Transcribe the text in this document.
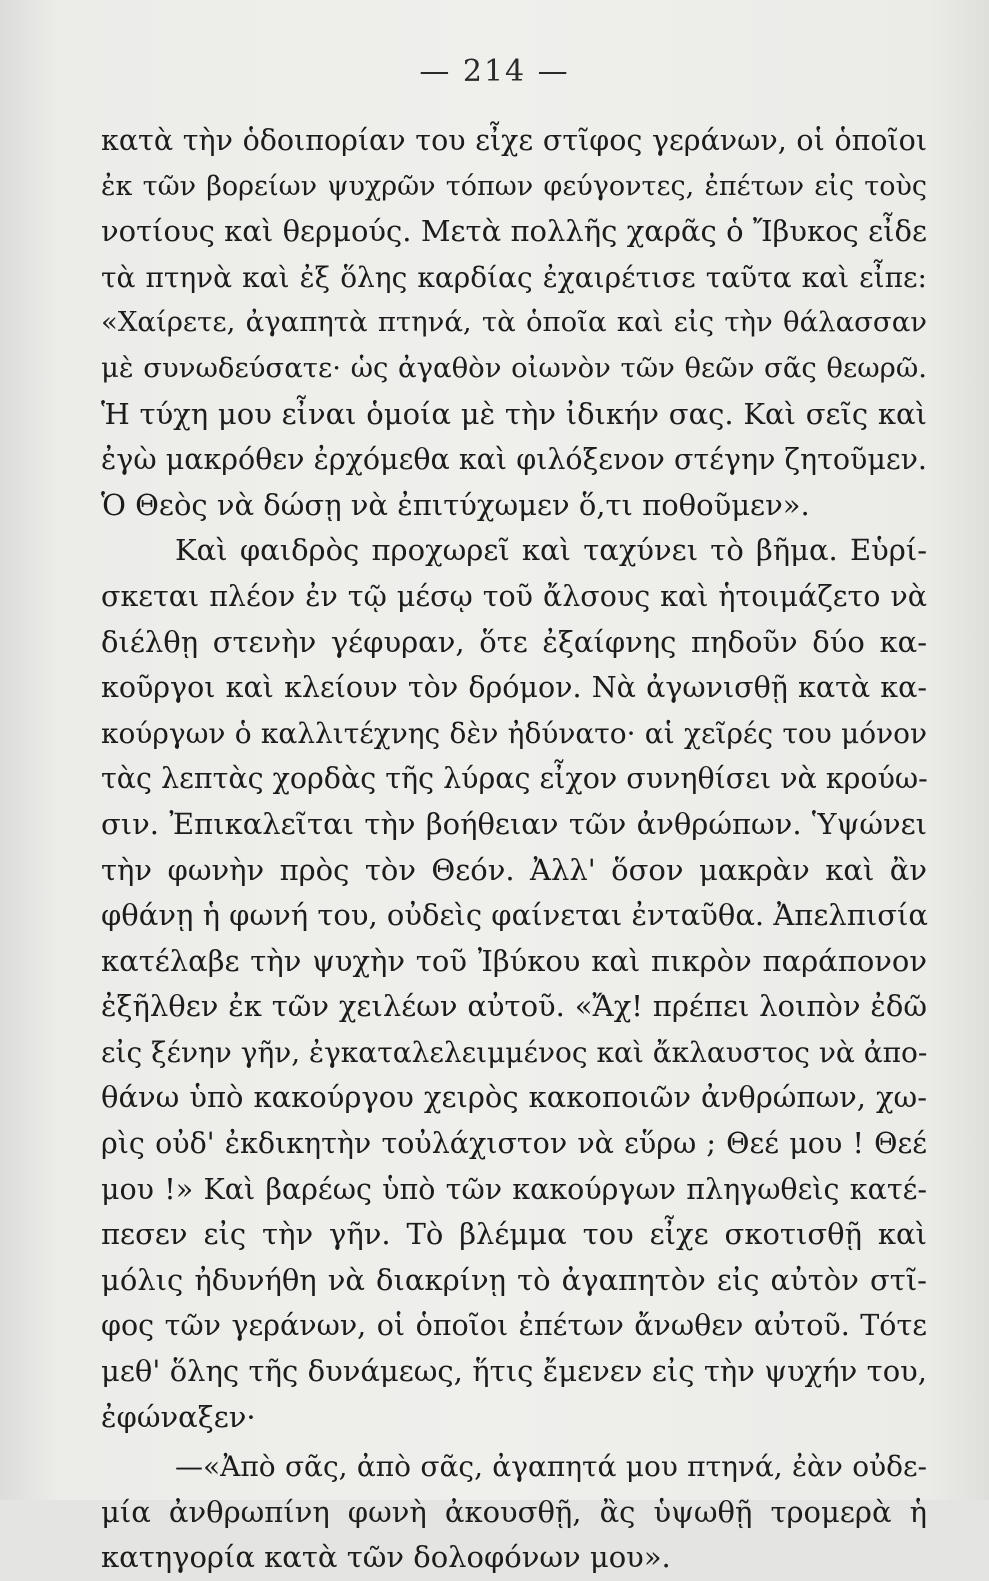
— 214 —
κατὰ τὴν ὁδοιπορίαν του εἶχε στῖφος γεράνων, οἱ ὁποῖοι
ἐκ τῶν βορείων ψυχρῶν τόπων φεύγοντες, ἐπέτων εἰς τοὺς
νοτίους καὶ θερμούς. Μετὰ πολλῆς χαρᾶς ὁ Ἴβυκος εἶδε
τὰ πτηνὰ καὶ ἐξ ὅλης καρδίας ἐχαιρέτισε ταῦτα καὶ εἶπε:
«Χαίρετε, ἀγαπητὰ πτηνά, τὰ ὁποῖα καὶ εἰς τὴν θάλασσαν
μὲ συνωδεύσατε· ὡς ἀγαθὸν οἰωνὸν τῶν θεῶν σᾶς θεωρῶ.
Ἡ τύχη μου εἶναι ὁμοία μὲ τὴν ἰδικήν σας. Καὶ σεῖς καὶ
ἐγὼ μακρόθεν ἐρχόμεθα καὶ φιλόξενον στέγην ζητοῦμεν.
Ὁ Θεὸς νὰ δώσῃ νὰ ἐπιτύχωμεν ὅ,τι ποθοῦμεν».
Καὶ φαιδρὸς προχωρεῖ καὶ ταχύνει τὸ βῆμα. Εὑρί-
σκεται πλέον ἐν τῷ μέσῳ τοῦ ἄλσους καὶ ἡτοιμάζετο νὰ
διέλθῃ στενὴν γέφυραν, ὅτε ἐξαίφνης πηδοῦν δύο κα-
κοῦργοι καὶ κλείουν τὸν δρόμον. Νὰ ἀγωνισθῇ κατὰ κα-
κούργων ὁ καλλιτέχνης δὲν ἠδύνατο· αἱ χεῖρές του μόνον
τὰς λεπτὰς χορδὰς τῆς λύρας εἶχον συνηθίσει νὰ κρούω-
σιν. Ἐπικαλεῖται τὴν βοήθειαν τῶν ἀνθρώπων. Ὑψώνει
τὴν φωνὴν πρὸς τὸν Θεόν. Ἀλλ' ὅσον μακρὰν καὶ ἂν
φθάνῃ ἡ φωνή του, οὐδεὶς φαίνεται ἐνταῦθα. Ἀπελπισία
κατέλαβε τὴν ψυχὴν τοῦ Ἰβύκου καὶ πικρὸν παράπονον
ἐξῆλθεν ἐκ τῶν χειλέων αὐτοῦ. «Ἄχ! πρέπει λοιπὸν ἐδῶ
εἰς ξένην γῆν, ἐγκαταλελειμμένος καὶ ἄκλαυστος νὰ ἀπο-
θάνω ὑπὸ κακούργου χειρὸς κακοποιῶν ἀνθρώπων, χω-
ρὶς οὐδ' ἐκδικητὴν τοὐλάχιστον νὰ εὕρω ; Θεέ μου ! Θεέ
μου !» Καὶ βαρέως ὑπὸ τῶν κακούργων πληγωθεὶς κατέ-
πεσεν εἰς τὴν γῆν. Τὸ βλέμμα του εἶχε σκοτισθῇ καὶ
μόλις ἠδυνήθη νὰ διακρίνῃ τὸ ἀγαπητὸν εἰς αὐτὸν στῖ-
φος τῶν γεράνων, οἱ ὁποῖοι ἐπέτων ἄνωθεν αὐτοῦ. Τότε
μεθ' ὅλης τῆς δυνάμεως, ἥτις ἔμενεν εἰς τὴν ψυχήν του,
ἐφώναξεν·
—«Ἀπὸ σᾶς, ἀπὸ σᾶς, ἀγαπητά μου πτηνά, ἐὰν οὐδε-
μία ἀνθρωπίνη φωνὴ ἀκουσθῇ, ἂς ὑψωθῇ τρομερὰ ἡ
κατηγορία κατὰ τῶν δολοφόνων μου».
